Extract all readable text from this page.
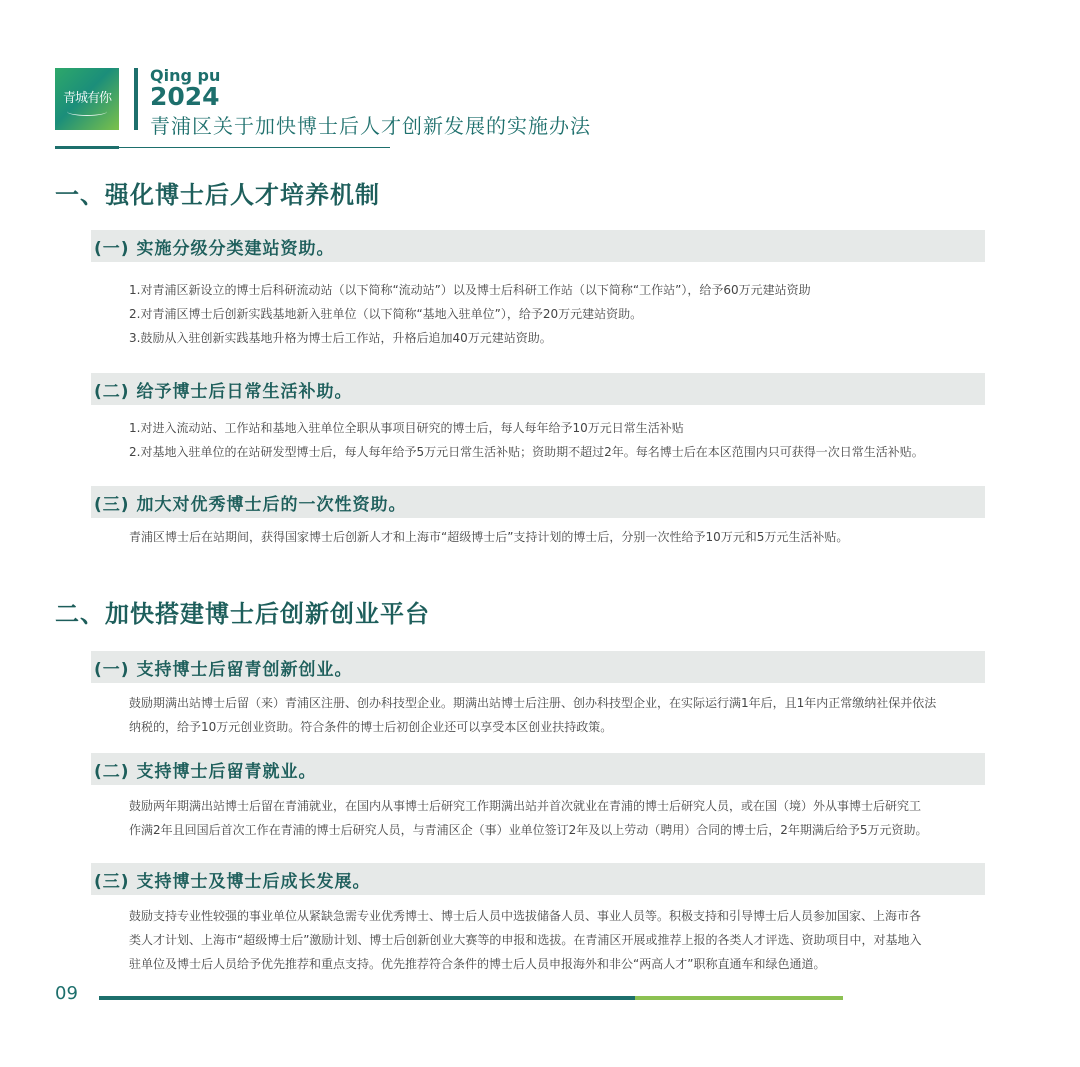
青城有你
Qing pu
2024
青浦区关于加快博士后人才创新发展的实施办法
一、强化博士后人才培养机制
(一) 实施分级分类建站资助。

1.对青浦区新设立的博士后科研流动站（以下简称“流动站”）以及博士后科研工作站（以下简称“工作站”），给予60万元建站资助

2.对青浦区博士后创新实践基地新入驻单位（以下简称“基地入驻单位”），给予20万元建站资助。

3.鼓励从入驻创新实践基地升格为博士后工作站，升格后追加40万元建站资助。

(二) 给予博士后日常生活补助。

1.对进入流动站、工作站和基地入驻单位全职从事项目研究的博士后，每人每年给予10万元日常生活补贴

2.对基地入驻单位的在站研发型博士后，每人每年给予5万元日常生活补贴；资助期不超过2年。每名博士后在本区范围内只可获得一次日常生活补贴。

(三) 加大对优秀博士后的一次性资助。

青浦区博士后在站期间，获得国家博士后创新人才和上海市“超级博士后”支持计划的博士后，分别一次性给予10万元和5万元生活补贴。

二、加快搭建博士后创新创业平台
(一) 支持博士后留青创新创业。

鼓励期满出站博士后留（来）青浦区注册、创办科技型企业。期满出站博士后注册、创办科技型企业，在实际运行满1年后，且1年内正常缴纳社保并依法

纳税的，给予10万元创业资助。符合条件的博士后初创企业还可以享受本区创业扶持政策。

(二) 支持博士后留青就业。

鼓励两年期满出站博士后留在青浦就业，在国内从事博士后研究工作期满出站并首次就业在青浦的博士后研究人员，或在国（境）外从事博士后研究工

作满2年且回国后首次工作在青浦的博士后研究人员，与青浦区企（事）业单位签订2年及以上劳动（聘用）合同的博士后，2年期满后给予5万元资助。

(三) 支持博士及博士后成长发展。

鼓励支持专业性较强的事业单位从紧缺急需专业优秀博士、博士后人员中选拔储备人员、事业人员等。积极支持和引导博士后人员参加国家、上海市各

类人才计划、上海市“超级博士后”激励计划、博士后创新创业大赛等的申报和选拔。在青浦区开展或推荐上报的各类人才评选、资助项目中，对基地入

驻单位及博士后人员给予优先推荐和重点支持。优先推荐符合条件的博士后人员申报海外和非公“两高人才”职称直通车和绿色通道。

09
